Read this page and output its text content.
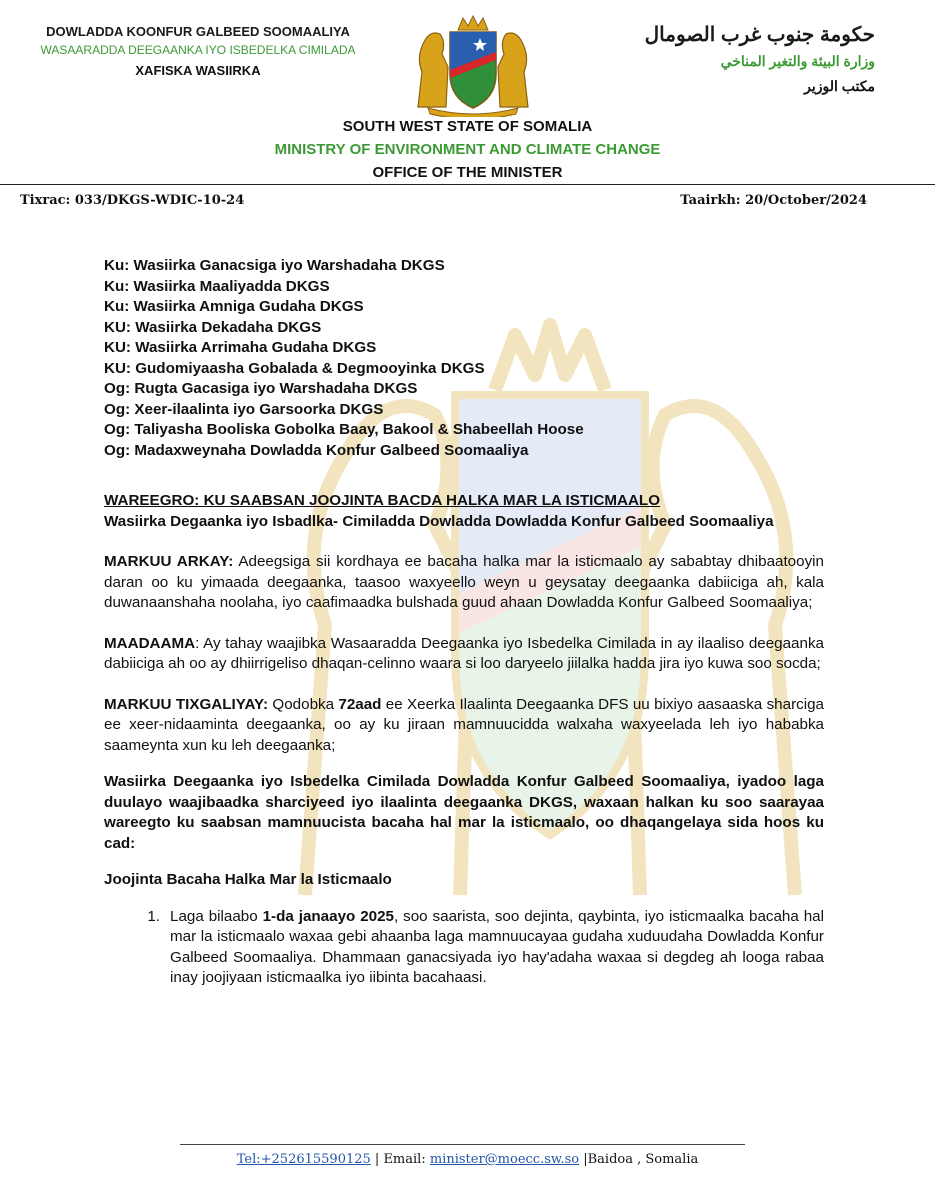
DOWLADDA KOONFUR GALBEED SOOMAALIYA
WASAARADDA DEEGAANKA IYO ISBEDELKA CIMILADA
XAFISKA WASIIRKA
حكومة جنوب غرب الصومال
وزارة البيئة والتغير المناخي
مكتب الوزير
SOUTH WEST STATE OF SOMALIA
MINISTRY OF ENVIRONMENT AND CLIMATE CHANGE
OFFICE OF THE MINISTER
Tixrac: 033/DKGS-WDIC-10-24	Taairkh: 20/October/2024
Ku: Wasiirka Ganacsiga iyo Warshadaha DKGS
Ku: Wasiirka Maaliyadda DKGS
Ku: Wasiirka Amniga Gudaha DKGS
KU: Wasiirka Dekadaha DKGS
KU: Wasiirka Arrimaha Gudaha DKGS
KU: Gudomiyaasha Gobalada & Degmooyinka DKGS
Og: Rugta Gacasiga iyo Warshadaha DKGS
Og: Xeer-ilaalinta iyo Garsoorka DKGS
Og: Taliyasha Booliska Gobolka Baay, Bakool & Shabeellah Hoose
Og: Madaxweynaha Dowladda Konfur Galbeed Soomaaliya
WAREEGRO: KU SAABSAN JOOJINTA BACDA HALKA MAR LA ISTICMAALO
Wasiirka Degaanka iyo Isbadlka- Cimiladda Dowladda Dowladda Konfur Galbeed Soomaaliya
MARKUU ARKAY: Adeegsiga sii kordhaya ee bacaha halka mar la isticmaalo ay sababtay dhibaatooyin daran oo ku yimaada deegaanka, taasoo waxyeello weyn u geysatay deegaanka dabiiciga ah, kala duwanaanshaha noolaha, iyo caafimaadka bulshada guud ahaan Dowladda Konfur Galbeed Soomaaliya;
MAADAAMA: Ay tahay waajibka Wasaaradda Deegaanka iyo Isbedelka Cimilada in ay ilaaliso deegaanka dabiiciga ah oo ay dhiirrigeliso dhaqan-celinno waara si loo daryeelo jiilalka hadda jira iyo kuwa soo socda;
MARKUU TIXGALIYAY: Qodobka 72aad ee Xeerka Ilaalinta Deegaanka DFS uu bixiyo aasaaska sharciga ee xeer-nidaaminta deegaanka, oo ay ku jiraan mamnuucidda walxaha waxyeelada leh iyo hababka saameynta xun ku leh deegaanka;
Wasiirka Deegaanka iyo Isbedelka Cimilada Dowladda Konfur Galbeed Soomaaliya, iyadoo laga duulayo waajibaadka sharciyeed iyo ilaalinta deegaanka DKGS, waxaan halkan ku soo saarayaa wareegto ku saabsan mamnuucista bacaha hal mar la isticmaalo, oo dhaqangelaya sida hoos ku cad:
Joojinta Bacaha Halka Mar la Isticmaalo
1. Laga bilaabo 1-da janaayo 2025, soo saarista, soo dejinta, qaybinta, iyo isticmaalka bacaha hal mar la isticmaalo waxaa gebi ahaanba laga mamnuucayaa gudaha xuduudaha Dowladda Konfur Galbeed Soomaaliya. Dhammaan ganacsiyada iyo hay'adaha waxaa si degdeg ah looga rabaa inay joojiyaan isticmaalka iyo iibinta bacahaasi.
Tel:+252615590125 | Email: minister@moecc.sw.so |Baidoa , Somalia
